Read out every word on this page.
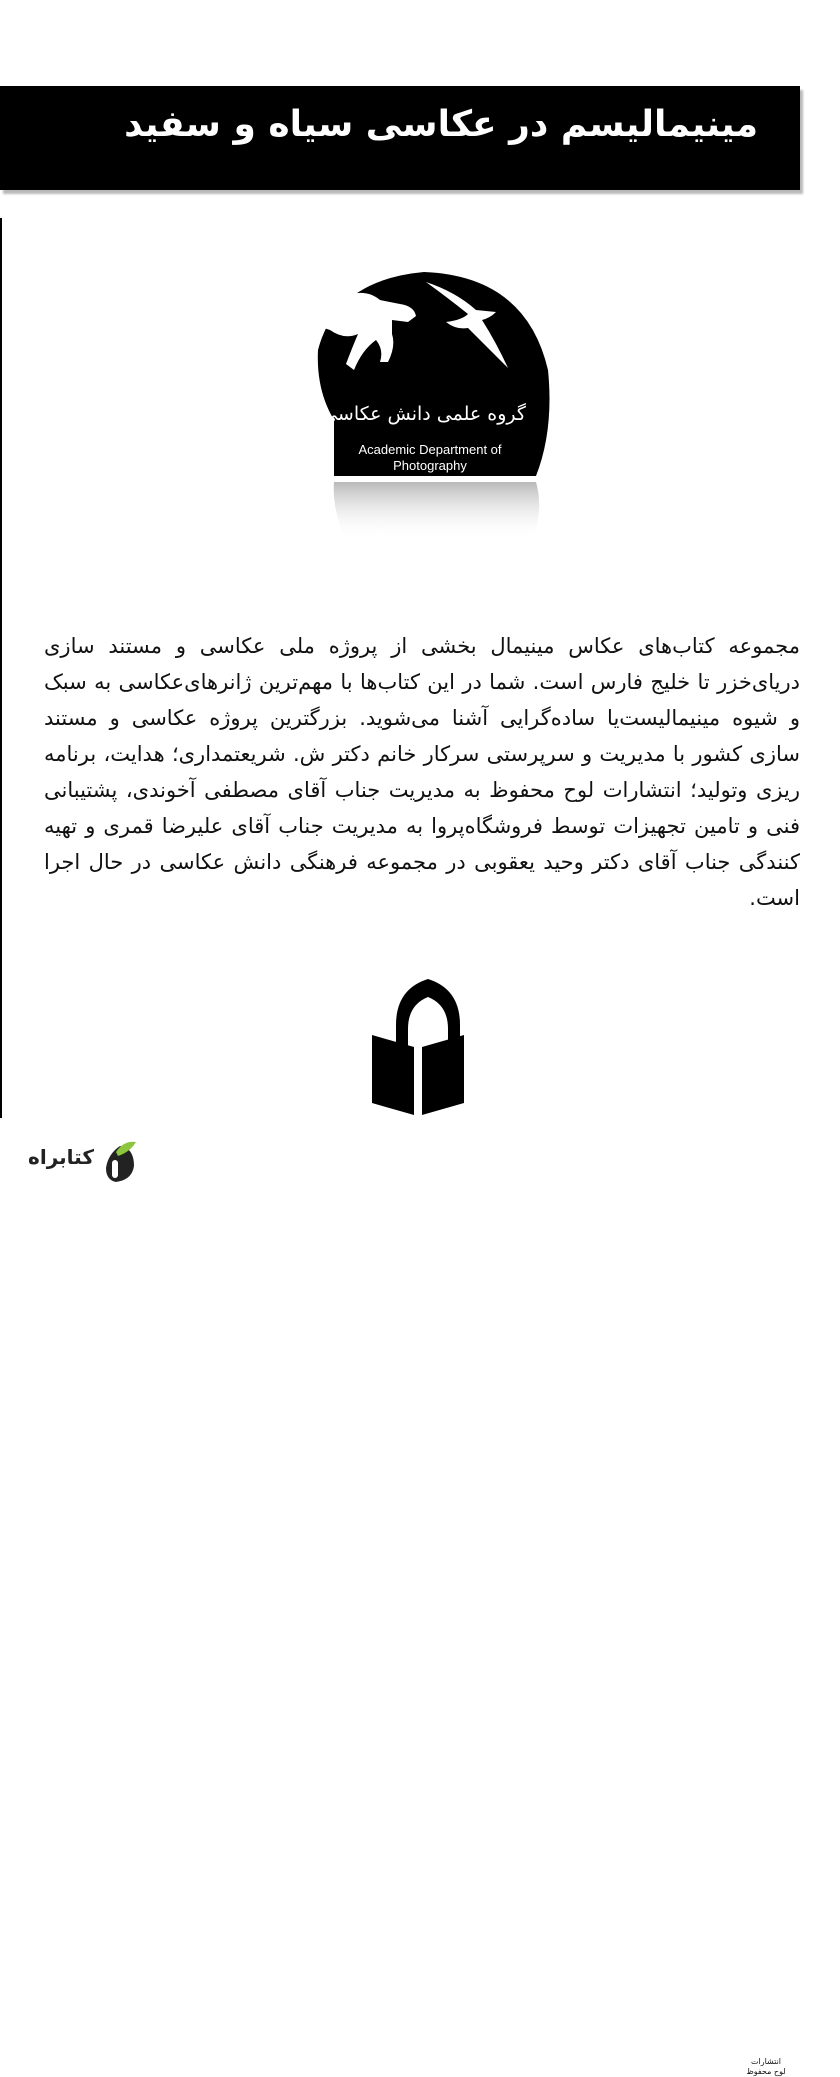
مینیمالیسم در عکاسی سیاه و سفید
گروه علمی دانش عکاسی
Academic Department of
Photography

مجموعه کتاب‌های عکاس مینیمال بخشی از پروژه ملی عکاسی و مستند سازی دریای‌خزر تا خلیج فارس است. شما در این کتاب‌ها با مهم‌ترین ژانرهای‌عکاسی به سبک و شیوه مینیمالیست‌یا ساده‌گرایی آشنا می‌شوید. بزرگترین پروژه عکاسی و مستند سازی کشور با مدیریت و سرپرستی سرکار خانم دکتر ش. شریعتمداری؛ هدایت، برنامه ریزی وتولید؛ انتشارات لوح محفوظ به مدیریت جناب آقای مصطفی آخوندی، پشتیبانی فنی و تامین تجهیزات توسط فروشگاه‌پروا به مدیریت جناب آقای علیرضا قمری و تهیه کنندگی جناب آقای دکتر وحید یعقوبی در مجموعه فرهنگی دانش عکاسی در حال اجرا است.

انتشارات
لوح محفوظ
کتابراه
